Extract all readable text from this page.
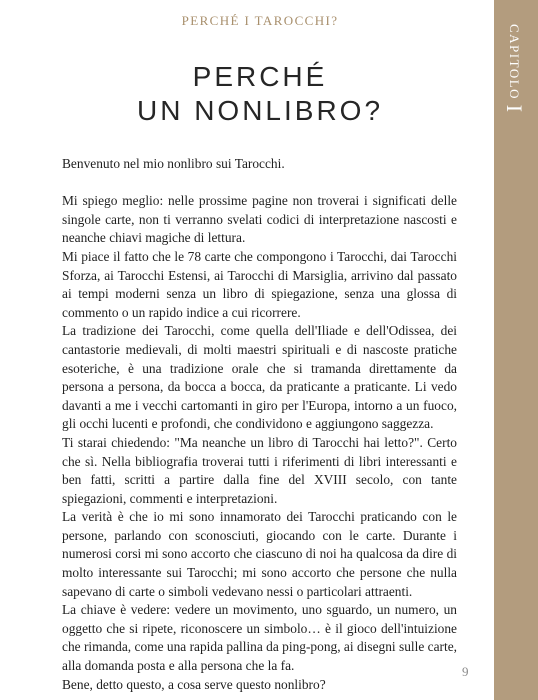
PERCHÉ I TAROCCHI?
CAPITOLO I
PERCHÉ
UN NONLIBRO?

Benvenuto nel mio nonlibro sui Tarocchi.

Mi spiego meglio: nelle prossime pagine non troverai i significati delle singole carte, non ti verranno svelati codici di interpretazione nascosti e neanche chiavi magiche di lettura.

Mi piace il fatto che le 78 carte che compongono i Tarocchi, dai Tarocchi Sforza, ai Tarocchi Estensi, ai Tarocchi di Marsiglia, arrivino dal passato ai tempi moderni senza un libro di spiegazione, senza una glossa di commento o un rapido indice a cui ricorrere.

La tradizione dei Tarocchi, come quella dell'Iliade e dell'Odissea, dei cantastorie medievali, di molti maestri spirituali e di nascoste pratiche esoteriche, è una tradizione orale che si tramanda direttamente da persona a persona, da bocca a bocca, da praticante a praticante. Li vedo davanti a me i vecchi cartomanti in giro per l'Europa, intorno a un fuoco, gli occhi lucenti e profondi, che condividono e aggiungono saggezza.

Ti starai chiedendo: "Ma neanche un libro di Tarocchi hai letto?". Certo che sì. Nella bibliografia troverai tutti i riferimenti di libri interessanti e ben fatti, scritti a partire dalla fine del XVIII secolo, con tante spiegazioni, commenti e interpretazioni.

La verità è che io mi sono innamorato dei Tarocchi praticando con le persone, parlando con sconosciuti, giocando con le carte. Durante i numerosi corsi mi sono accorto che ciascuno di noi ha qualcosa da dire di molto interessante sui Tarocchi; mi sono accorto che persone che nulla sapevano di carte o simboli vedevano nessi o particolari attraenti.

La chiave è vedere: vedere un movimento, uno sguardo, un numero, un oggetto che si ripete, riconoscere un simbolo… è il gioco dell'intuizione che rimanda, come una rapida pallina da ping-pong, ai disegni sulle carte, alla domanda posta e alla persona che la fa.

Bene, detto questo, a cosa serve questo nonlibro?

9
